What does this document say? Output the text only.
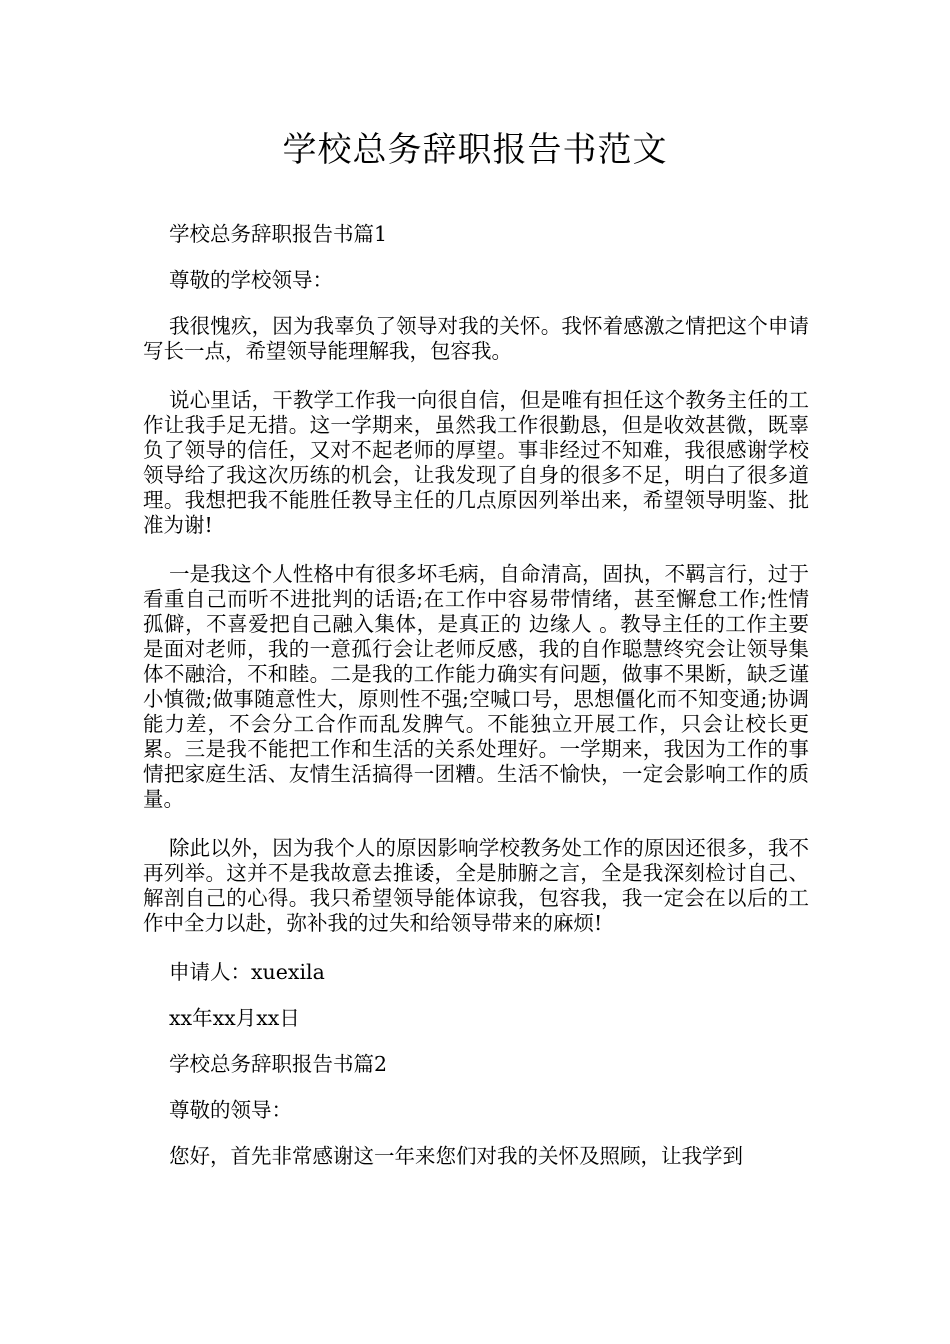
学校总务辞职报告书范文

学校总务辞职报告书篇1

尊敬的学校领导：

我很愧疚，因为我辜负了领导对我的关怀。我怀着感激之情把这个申请写长一点，希望领导能理解我，包容我。

说心里话，干教学工作我一向很自信，但是唯有担任这个教务主任的工作让我手足无措。这一学期来，虽然我工作很勤恳，但是收效甚微，既辜负了领导的信任，又对不起老师的厚望。事非经过不知难，我很感谢学校领导给了我这次历练的机会，让我发现了自身的很多不足，明白了很多道理。我想把我不能胜任教导主任的几点原因列举出来，希望领导明鉴、批准为谢!

一是我这个人性格中有很多坏毛病，自命清高，固执，不羁言行，过于看重自己而听不进批判的话语;在工作中容易带情绪，甚至懈怠工作;性情孤僻，不喜爱把自己融入集体，是真正的 边缘人 。教导主任的工作主要是面对老师，我的一意孤行会让老师反感，我的自作聪慧终究会让领导集体不融洽，不和睦。二是我的工作能力确实有问题，做事不果断，缺乏谨小慎微;做事随意性大，原则性不强;空喊口号，思想僵化而不知变通;协调能力差，不会分工合作而乱发脾气。不能独立开展工作，只会让校长更累。三是我不能把工作和生活的关系处理好。一学期来，我因为工作的事情把家庭生活、友情生活搞得一团糟。生活不愉快，一定会影响工作的质量。

除此以外，因为我个人的原因影响学校教务处工作的原因还很多，我不再列举。这并不是我故意去推诿，全是肺腑之言，全是我深刻检讨自己、解剖自己的心得。我只希望领导能体谅我，包容我，我一定会在以后的工作中全力以赴，弥补我的过失和给领导带来的麻烦!

申请人：xuexila

xx年xx月xx日

学校总务辞职报告书篇2

尊敬的领导：

您好，首先非常感谢这一年来您们对我的关怀及照顾，让我学到
